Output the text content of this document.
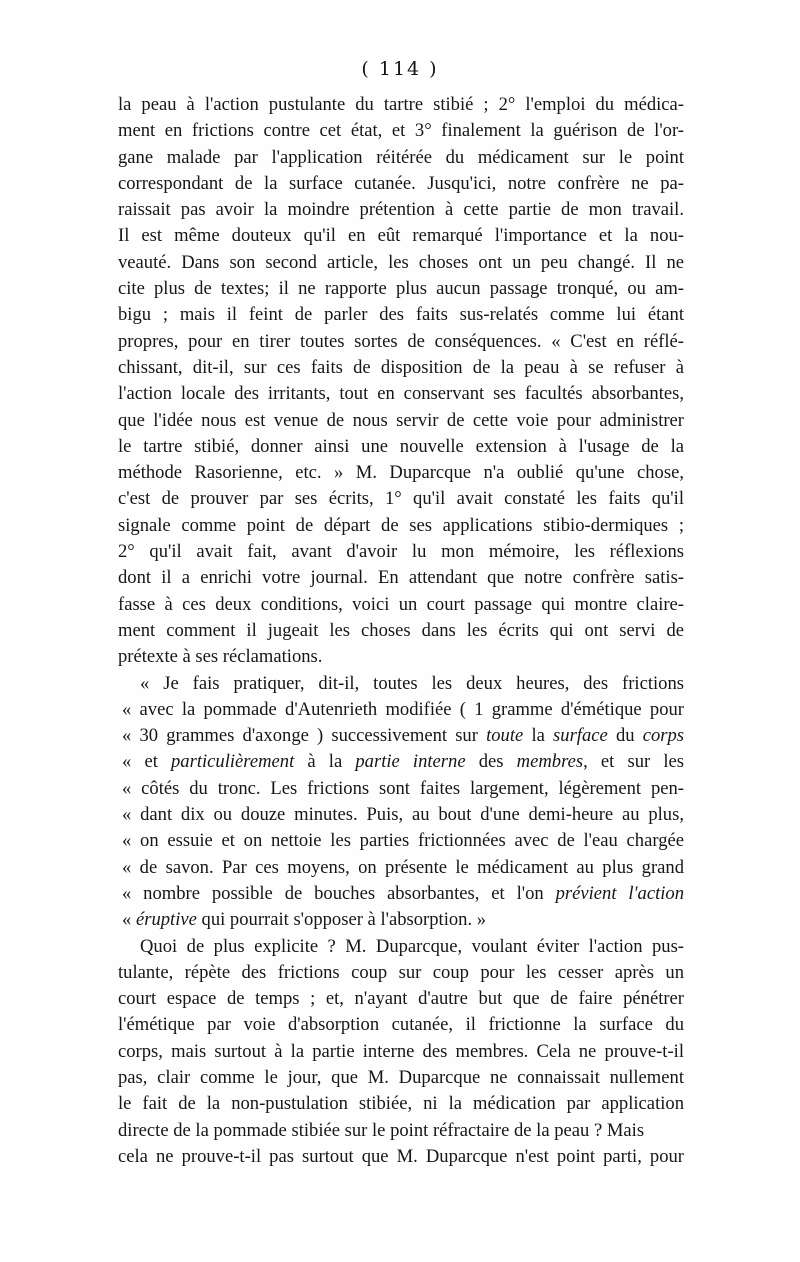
( 114 )
la peau à l'action pustulante du tartre stibié ; 2° l'emploi du médica-
ment en frictions contre cet état, et 3° finalement la guérison de l'or-
gane malade par l'application réitérée du médicament sur le point
correspondant de la surface cutanée. Jusqu'ici, notre confrère ne pa-
raissait pas avoir la moindre prétention à cette partie de mon travail.
Il est même douteux qu'il en eût remarqué l'importance et la nou-
veauté. Dans son second article, les choses ont un peu changé. Il ne
cite plus de textes; il ne rapporte plus aucun passage tronqué, ou am-
bigu ; mais il feint de parler des faits sus-relatés comme lui étant
propres, pour en tirer toutes sortes de conséquences. « C'est en réflé-
chissant, dit-il, sur ces faits de disposition de la peau à se refuser à
l'action locale des irritants, tout en conservant ses facultés absorbantes,
que l'idée nous est venue de nous servir de cette voie pour administrer
le tartre stibié, donner ainsi une nouvelle extension à l'usage de la
méthode Rasorienne, etc. » M. Duparcque n'a oublié qu'une chose,
c'est de prouver par ses écrits, 1° qu'il avait constaté les faits qu'il
signale comme point de départ de ses applications stibio-dermiques ;
2° qu'il avait fait, avant d'avoir lu mon mémoire, les réflexions
dont il a enrichi votre journal. En attendant que notre confrère satis-
fasse à ces deux conditions, voici un court passage qui montre claire-
ment comment il jugeait les choses dans les écrits qui ont servi de
prétexte à ses réclamations.
« Je fais pratiquer, dit-il, toutes les deux heures, des frictions
« avec la pommade d'Autenrieth modifiée ( 1 gramme d'émétique pour
« 30 grammes d'axonge ) successivement sur toute la surface du corps
« et particulièrement à la partie interne des membres, et sur les
« côtés du tronc. Les frictions sont faites largement, légèrement pen-
« dant dix ou douze minutes. Puis, au bout d'une demi-heure au plus,
« on essuie et on nettoie les parties frictionnées avec de l'eau chargée
« de savon. Par ces moyens, on présente le médicament au plus grand
« nombre possible de bouches absorbantes, et l'on prévient l'action
« éruptive qui pourrait s'opposer à l'absorption. »
Quoi de plus explicite ? M. Duparcque, voulant éviter l'action pus-
tulante, répète des frictions coup sur coup pour les cesser après un
court espace de temps ; et, n'ayant d'autre but que de faire pénétrer
l'émétique par voie d'absorption cutanée, il frictionne la surface du
corps, mais surtout à la partie interne des membres. Cela ne prouve-t-il
pas, clair comme le jour, que M. Duparcque ne connaissait nullement
le fait de la non-pustulation stibiée, ni la médication par application
directe de la pommade stibiée sur le point réfractaire de la peau ? Mais
cela ne prouve-t-il pas surtout que M. Duparcque n'est point parti, pour
